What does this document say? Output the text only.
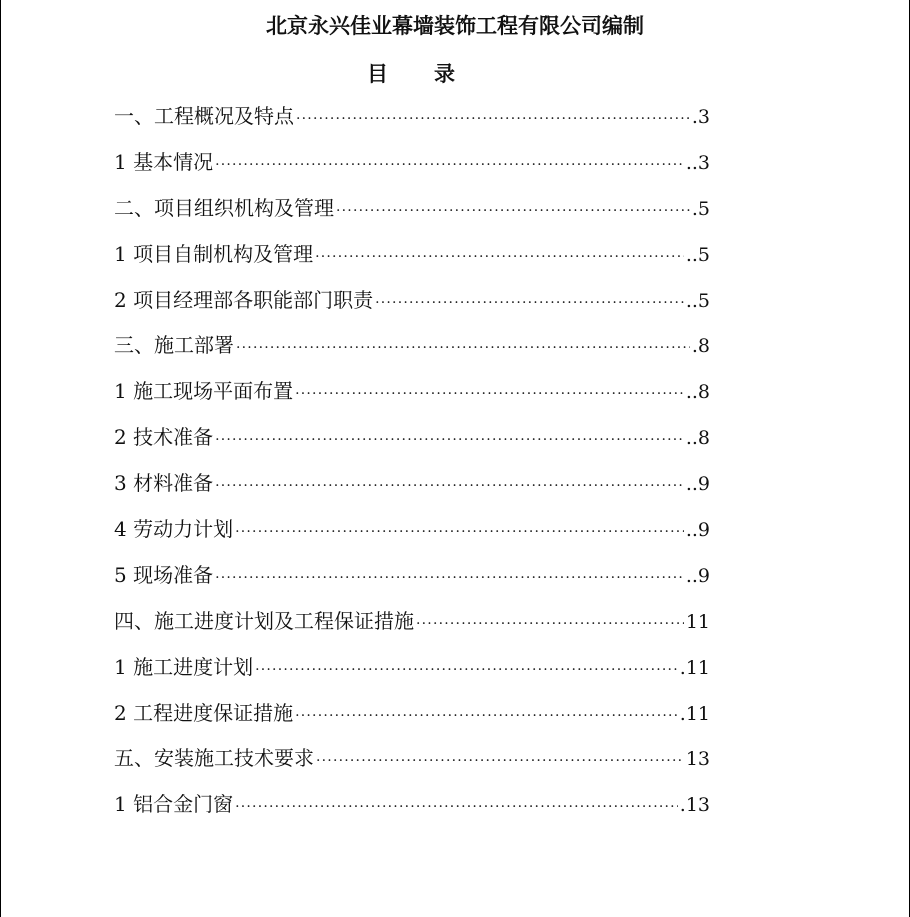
北京永兴佳业幕墙装饰工程有限公司编制
目 录
一、工程概况及特点 ·····	.3
1 基本情况 ·····	..3
二、项目组织机构及管理 ·····	.5
1 项目自制机构及管理 ·····	..5
2 项目经理部各职能部门职责 ·····	..5
三、施工部署 ·····	.8
1 施工现场平面布置 ·····	..8
2 技术准备 ·····	..8
3 材料准备 ·····	..9
4 劳动力计划 ·····	..9
5 现场准备 ·····	..9
四、施工进度计划及工程保证措施 ·····	11
1 施工进度计划 ·····	.11
2 工程进度保证措施 ·····	.11
五、安装施工技术要求 ·····	13
1 铝合金门窗 ·····	.13
